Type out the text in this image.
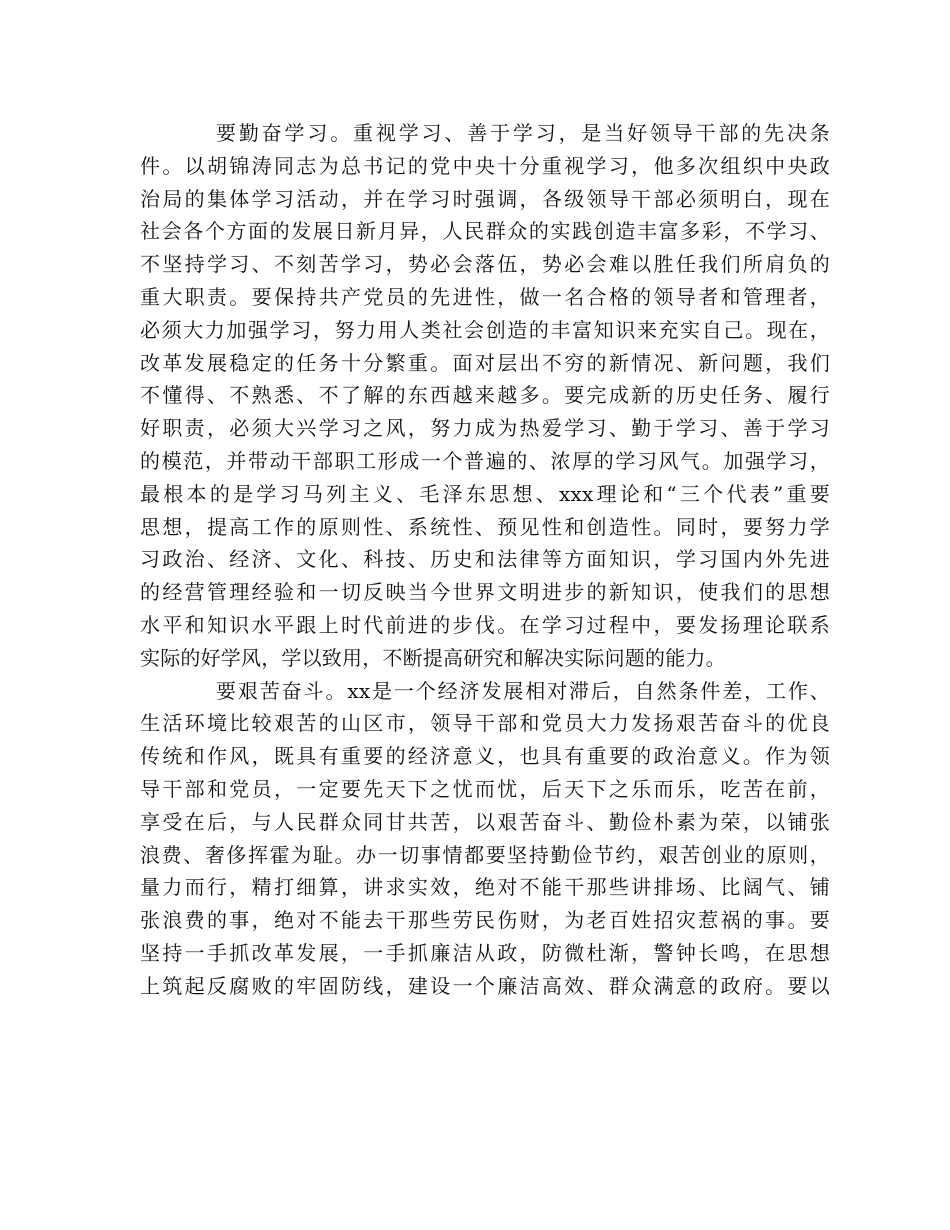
要勤奋学习。重视学习、善于学习，是当好领导干部的先决条
件。以胡锦涛同志为总书记的党中央十分重视学习，他多次组织中央政
治局的集体学习活动，并在学习时强调，各级领导干部必须明白，现在
社会各个方面的发展日新月异，人民群众的实践创造丰富多彩，不学习、
不坚持学习、不刻苦学习，势必会落伍，势必会难以胜任我们所肩负的
重大职责。要保持共产党员的先进性，做一名合格的领导者和管理者，
必须大力加强学习，努力用人类社会创造的丰富知识来充实自己。现在，
改革发展稳定的任务十分繁重。面对层出不穷的新情况、新问题，我们
不懂得、不熟悉、不了解的东西越来越多。要完成新的历史任务、履行
好职责，必须大兴学习之风，努力成为热爱学习、勤于学习、善于学习
的模范，并带动干部职工形成一个普遍的、浓厚的学习风气。加强学习，
最根本的是学习马列主义、毛泽东思想、xxx理论和“三个代表”重要
思想，提高工作的原则性、系统性、预见性和创造性。同时，要努力学
习政治、经济、文化、科技、历史和法律等方面知识，学习国内外先进
的经营管理经验和一切反映当今世界文明进步的新知识，使我们的思想
水平和知识水平跟上时代前进的步伐。在学习过程中，要发扬理论联系
实际的好学风，学以致用，不断提高研究和解决实际问题的能力。
要艰苦奋斗。xx是一个经济发展相对滞后，自然条件差，工作、
生活环境比较艰苦的山区市，领导干部和党员大力发扬艰苦奋斗的优良
传统和作风，既具有重要的经济意义，也具有重要的政治意义。作为领
导干部和党员，一定要先天下之忧而忧，后天下之乐而乐，吃苦在前，
享受在后，与人民群众同甘共苦，以艰苦奋斗、勤俭朴素为荣，以铺张
浪费、奢侈挥霍为耻。办一切事情都要坚持勤俭节约，艰苦创业的原则，
量力而行，精打细算，讲求实效，绝对不能干那些讲排场、比阔气、铺
张浪费的事，绝对不能去干那些劳民伤财，为老百姓招灾惹祸的事。要
坚持一手抓改革发展，一手抓廉洁从政，防微杜渐，警钟长鸣，在思想
上筑起反腐败的牢固防线，建设一个廉洁高效、群众满意的政府。要以
